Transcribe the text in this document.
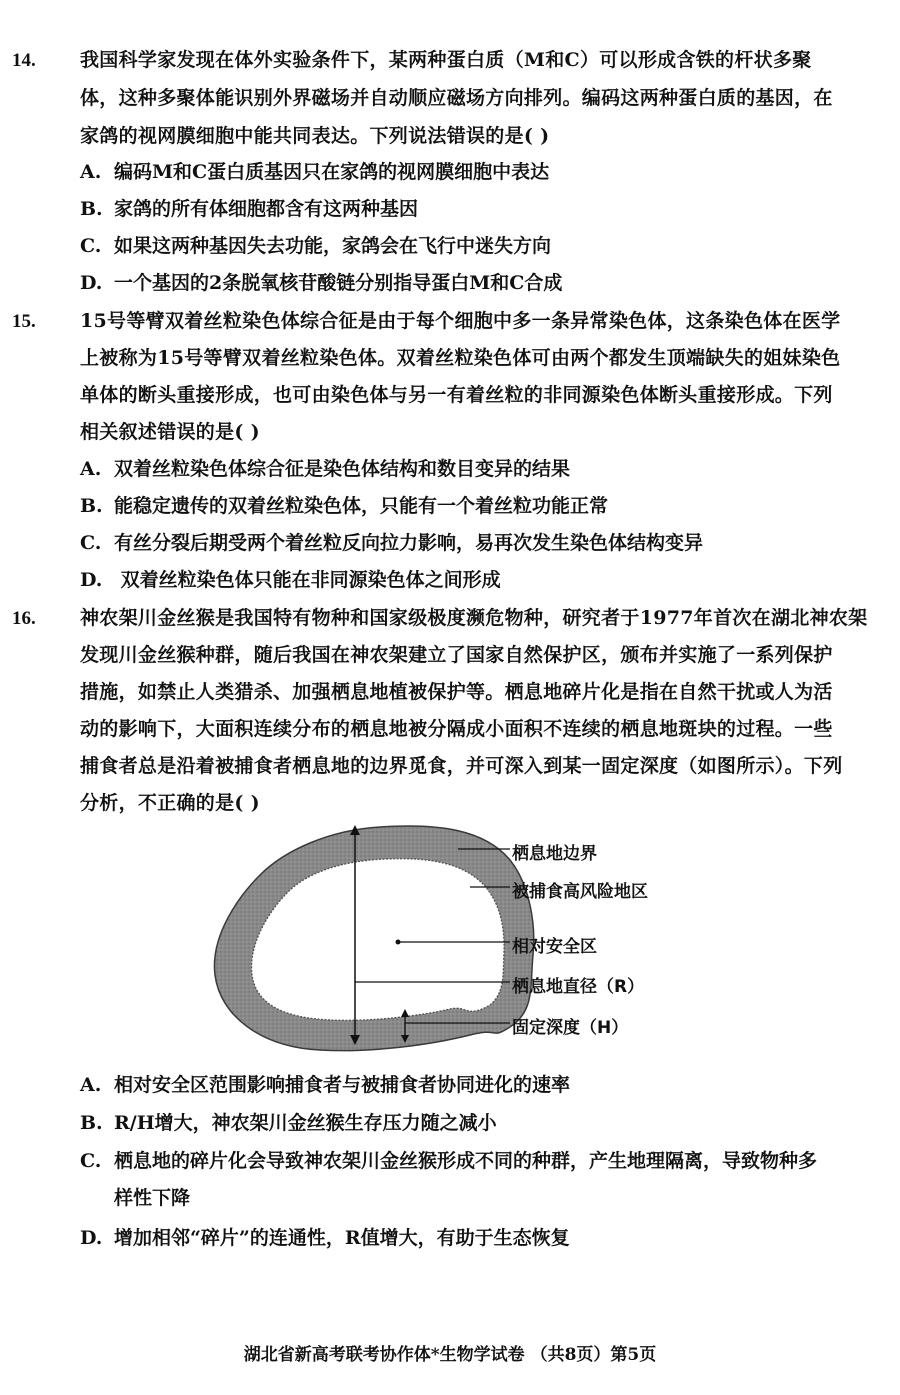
14. 我国科学家发现在体外实验条件下，某两种蛋白质（M和C）可以形成含铁的杆状多聚
体，这种多聚体能识别外界磁场并自动顺应磁场方向排列。编码这两种蛋白质的基因，在
家鸽的视网膜细胞中能共同表达。下列说法错误的是( )
A. 编码M和C蛋白质基因只在家鸽的视网膜细胞中表达
B. 家鸽的所有体细胞都含有这两种基因
C. 如果这两种基因失去功能，家鸽会在飞行中迷失方向
D. 一个基因的2条脱氧核苷酸链分别指导蛋白M和C合成
15. 15号等臂双着丝粒染色体综合征是由于每个细胞中多一条异常染色体，这条染色体在医学
上被称为15号等臂双着丝粒染色体。双着丝粒染色体可由两个都发生顶端缺失的姐妹染色
单体的断头重接形成，也可由染色体与另一有着丝粒的非同源染色体断头重接形成。下列
相关叙述错误的是( )
A. 双着丝粒染色体综合征是染色体结构和数目变异的结果
B. 能稳定遗传的双着丝粒染色体，只能有一个着丝粒功能正常
C. 有丝分裂后期受两个着丝粒反向拉力影响，易再次发生染色体结构变异
D. 双着丝粒染色体只能在非同源染色体之间形成
16. 神农架川金丝猴是我国特有物种和国家级极度濒危物种，研究者于1977年首次在湖北神农架
发现川金丝猴种群，随后我国在神农架建立了国家自然保护区，颁布并实施了一系列保护
措施，如禁止人类猎杀、加强栖息地植被保护等。栖息地碎片化是指在自然干扰或人为活
动的影响下，大面积连续分布的栖息地被分隔成小面积不连续的栖息地斑块的过程。一些
捕食者总是沿着被捕食者栖息地的边界觅食，并可深入到某一固定深度（如图所示）。下列
分析，不正确的是( )
栖息地边界
被捕食高风险地区
相对安全区
栖息地直径（R）
固定深度（H）
A. 相对安全区范围影响捕食者与被捕食者协同进化的速率
B. R/H增大，神农架川金丝猴生存压力随之减小
C. 栖息地的碎片化会导致神农架川金丝猴形成不同的种群，产生地理隔离，导致物种多
样性下降
D. 增加相邻“碎片”的连通性，R值增大，有助于生态恢复
湖北省新高考联考协作体*生物学试卷 （共8页）第5页
